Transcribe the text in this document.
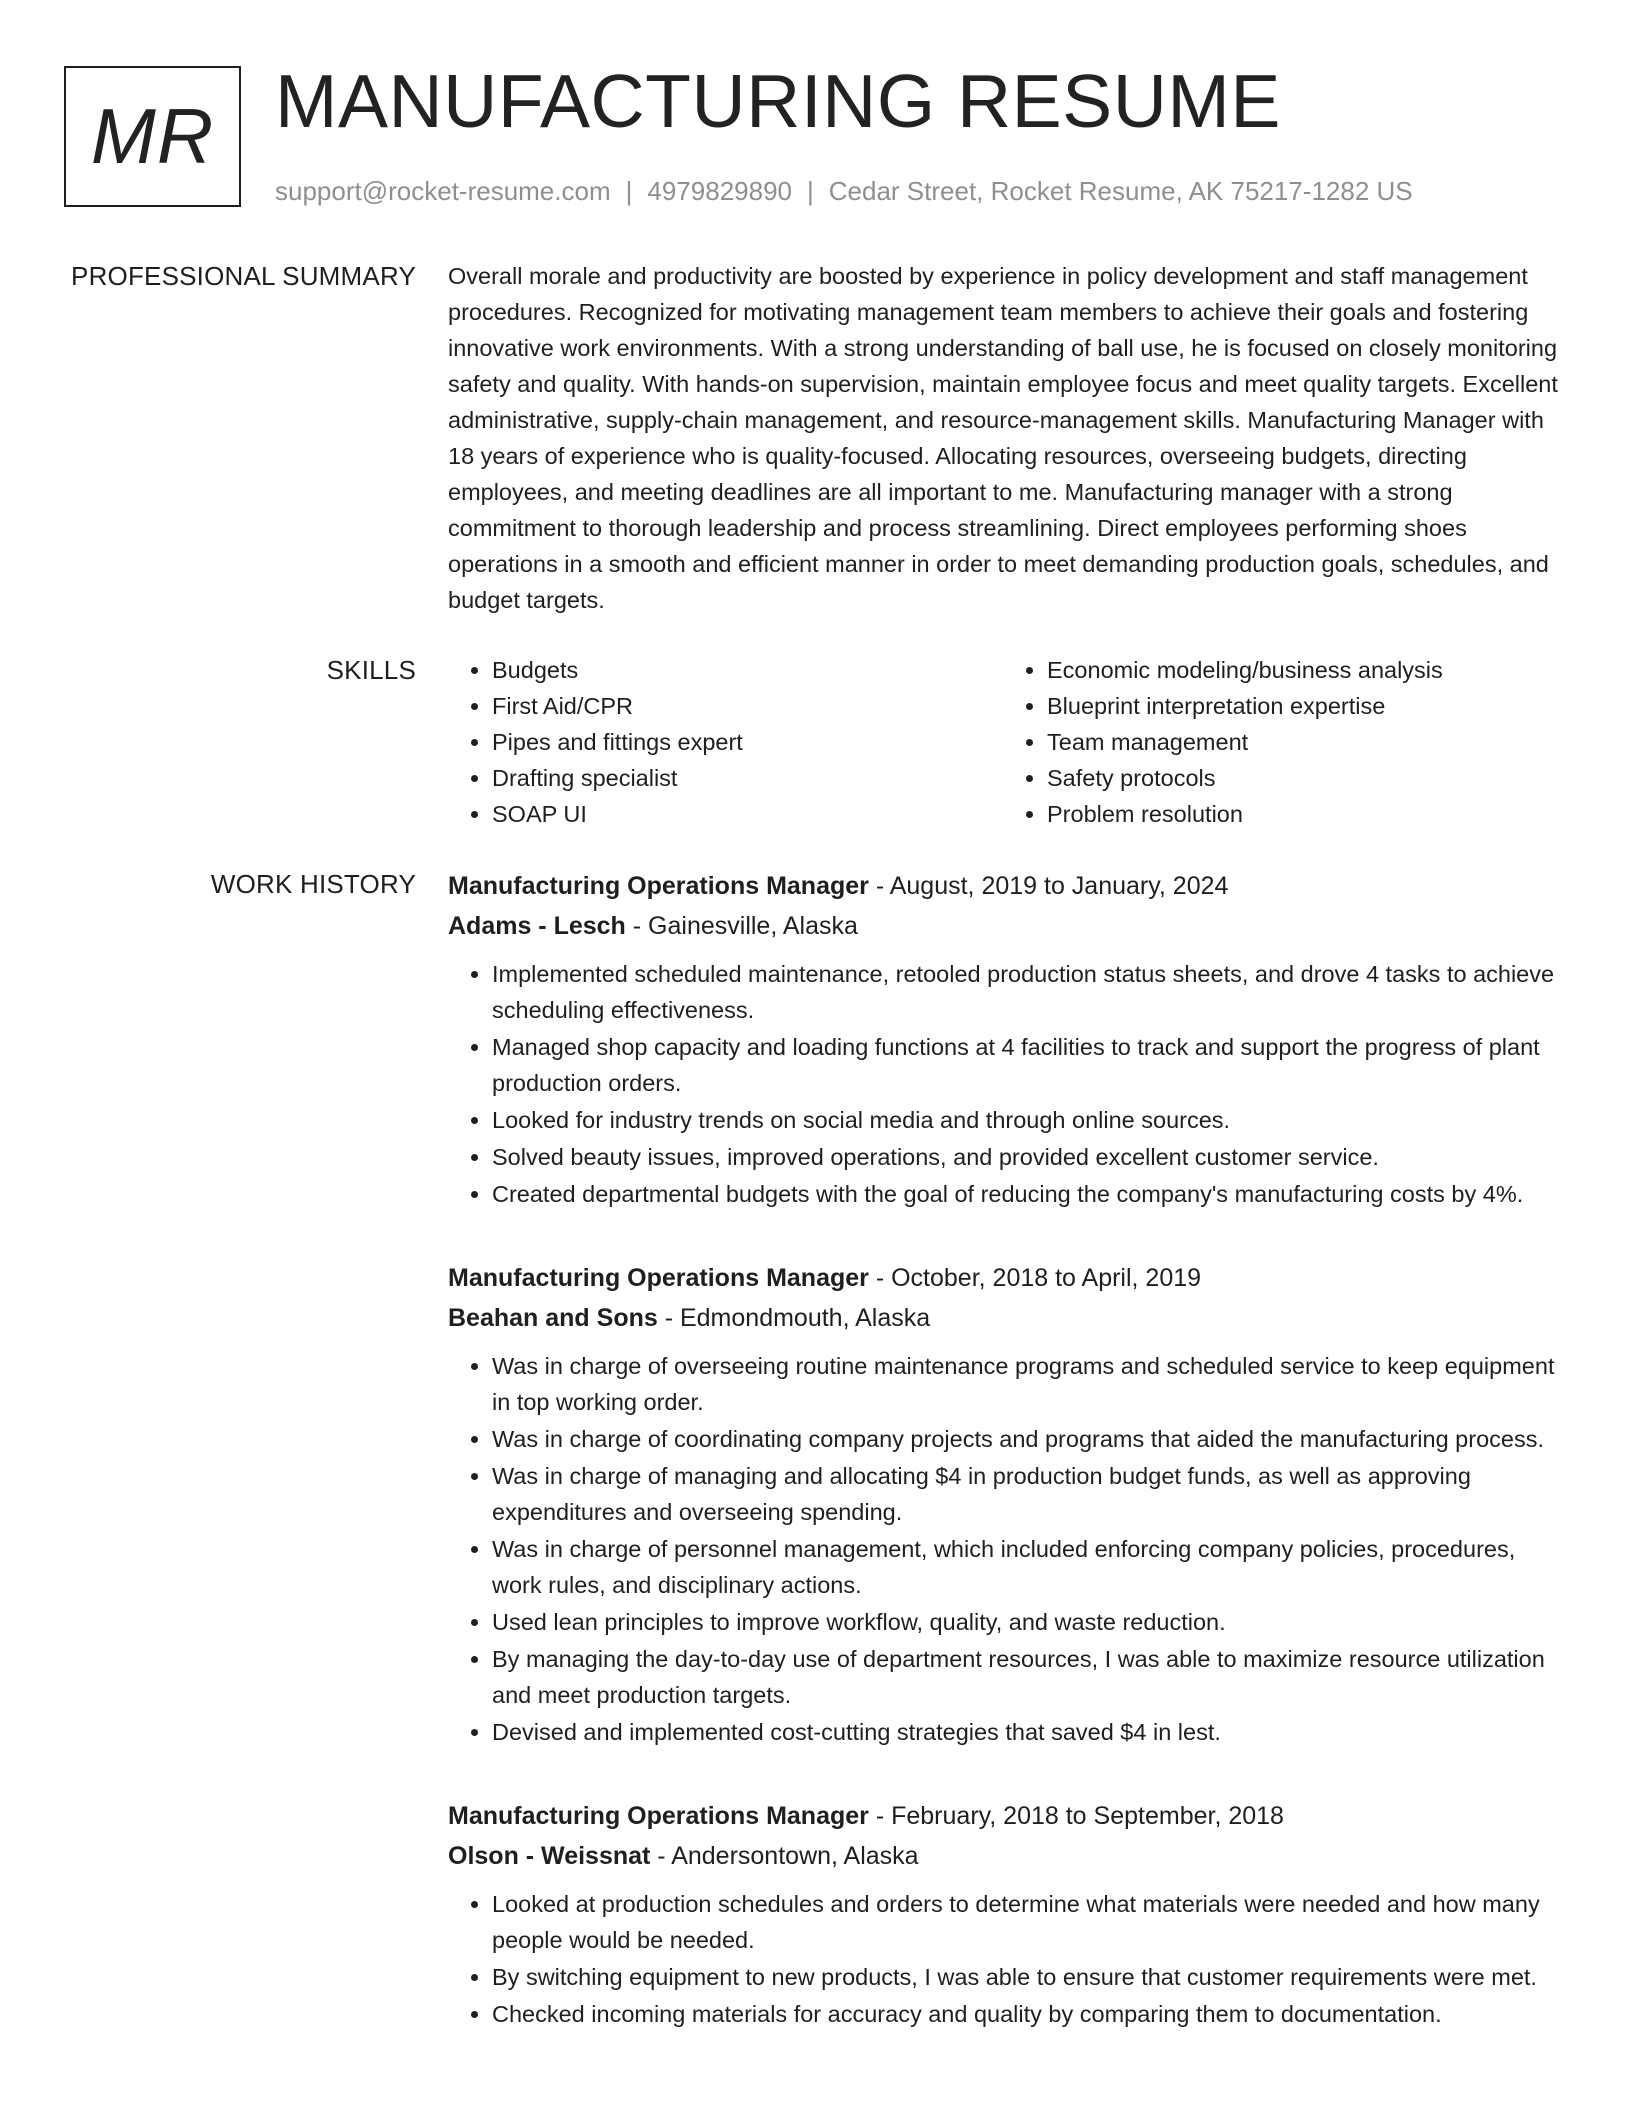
MR MANUFACTURING RESUME
support@rocket-resume.com | 4979829890 | Cedar Street, Rocket Resume, AK 75217-1282 US
PROFESSIONAL SUMMARY Overall morale and productivity are boosted by experience in policy development and staff management procedures. Recognized for motivating management team members to achieve their goals and fostering innovative work environments. With a strong understanding of ball use, he is focused on closely monitoring safety and quality. With hands-on supervision, maintain employee focus and meet quality targets. Excellent administrative, supply-chain management, and resource-management skills. Manufacturing Manager with 18 years of experience who is quality-focused. Allocating resources, overseeing budgets, directing employees, and meeting deadlines are all important to me. Manufacturing manager with a strong commitment to thorough leadership and process streamlining. Direct employees performing shoes operations in a smooth and efficient manner in order to meet demanding production goals, schedules, and budget targets.

SKILLS
•	Budgets
• First Aid/CPR
• Pipes and fittings expert
• Drafting specialist
• SOAP UI
• Economic modeling/business analysis
• Blueprint interpretation expertise
• Team management
• Safety protocols
• Problem resolution
WORK HISTORY Manufacturing Operations Manager - August, 2019 to January, 2024
Adams - Lesch - Gainesville, Alaska
• Implemented scheduled maintenance, retooled production status sheets, and drove 4 tasks to achieve scheduling effectiveness.
• Managed shop capacity and loading functions at 4 facilities to track and support the progress of plant production orders.
• Looked for industry trends on social media and through online sources.
• Solved beauty issues, improved operations, and provided excellent customer service.
• Created departmental budgets with the goal of reducing the company's manufacturing costs by 4%.
Manufacturing Operations Manager - October, 2018 to April, 2019
Beahan and Sons - Edmondmouth, Alaska
• Was in charge of overseeing routine maintenance programs and scheduled service to keep equipment in top working order.
• Was in charge of coordinating company projects and programs that aided the manufacturing process.
• Was in charge of managing and allocating $4 in production budget funds, as well as approving expenditures and overseeing spending.
• Was in charge of personnel management, which included enforcing company policies, procedures, work rules, and disciplinary actions.
• Used lean principles to improve workflow, quality, and waste reduction.
• By managing the day-to-day use of department resources, I was able to maximize resource utilization and meet production targets.
• Devised and implemented cost-cutting strategies that saved $4 in lest.
Manufacturing Operations Manager - February, 2018 to September, 2018
Olson - Weissnat - Andersontown, Alaska
• Looked at production schedules and orders to determine what materials were needed and how many people would be needed.
• By switching equipment to new products, I was able to ensure that customer requirements were met.
• Checked incoming materials for accuracy and quality by comparing them to documentation.
